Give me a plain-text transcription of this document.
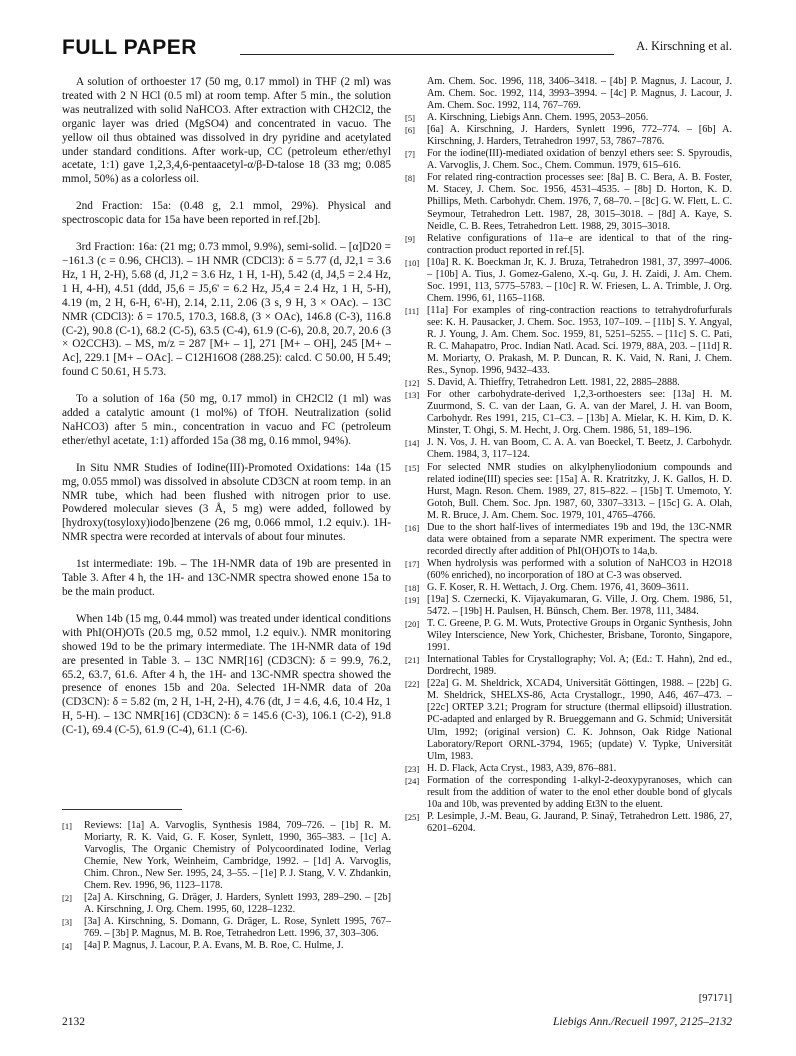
FULL PAPER	A. Kirschning et al.

A solution of orthoester 17 (50 mg, 0.17 mmol) in THF (2 ml) was treated with 2 N HCl (0.5 ml) at room temp. After 5 min., the solution was neutralized with solid NaHCO3. After extraction with CH2Cl2, the organic layer was dried (MgSO4) and concentrated in vacuo. The yellow oil thus obtained was dissolved in dry pyridine and acetylated under standard conditions. After work-up, CC (petroleum ether/ethyl acetate, 1:1) gave 1,2,3,4,6-pentaacetyl-α/β-D-talose 18 (33 mg; 0.085 mmol, 50%) as a colorless oil.

2nd Fraction: 15a: (0.48 g, 2.1 mmol, 29%). Physical and spectroscopic data for 15a have been reported in ref.[2b].

3rd Fraction: 16a: (21 mg; 0.73 mmol, 9.9%), semi-solid. – [α]D20 = −161.3 (c = 0.96, CHCl3). – 1H NMR (CDCl3): δ = 5.77 (d, J2,1 = 3.6 Hz, 1 H, 2-H), 5.68 (d, J1,2 = 3.6 Hz, 1 H, 1-H), 5.42 (d, J4,5 = 2.4 Hz, 1 H, 4-H), 4.51 (ddd, J5,6 = J5,6' = 6.2 Hz, J5,4 = 2.4 Hz, 1 H, 5-H), 4.19 (m, 2 H, 6-H, 6'-H), 2.14, 2.11, 2.06 (3 s, 9 H, 3 × OAc). – 13C NMR (CDCl3): δ = 170.5, 170.3, 168.8, (3 × OAc), 146.8 (C-3), 116.8 (C-2), 90.8 (C-1), 68.2 (C-5), 63.5 (C-4), 61.9 (C-6), 20.8, 20.7, 20.6 (3 × O2CCH3). – MS, m/z = 287 [M+ – 1], 271 [M+ – OH], 245 [M+ – Ac], 229.1 [M+ – OAc]. – C12H16O8 (288.25): calcd. C 50.00, H 5.49; found C 50.61, H 5.73.

To a solution of 16a (50 mg, 0.17 mmol) in CH2Cl2 (1 ml) was added a catalytic amount (1 mol%) of TfOH. Neutralization (solid NaHCO3) after 5 min., concentration in vacuo and FC (petroleum ether/ethyl acetate, 1:1) afforded 15a (38 mg, 0.16 mmol, 94%).

In Situ NMR Studies of Iodine(III)-Promoted Oxidations: 14a (15 mg, 0.055 mmol) was dissolved in absolute CD3CN at room temp. in an NMR tube, which had been flushed with nitrogen prior to use. Powdered molecular sieves (3 Å, 5 mg) were added, followed by [hydroxy(tosyloxy)iodo]benzene (26 mg, 0.066 mmol, 1.2 equiv.). 1H-NMR spectra were recorded at intervals of about four minutes.

1st intermediate: 19b. – The 1H-NMR data of 19b are presented in Table 3. After 4 h, the 1H- and 13C-NMR spectra showed enone 15a to be the main product.

When 14b (15 mg, 0.44 mmol) was treated under identical conditions with PhI(OH)OTs (20.5 mg, 0.52 mmol, 1.2 equiv.). NMR monitoring showed 19d to be the primary intermediate. The 1H-NMR data of 19d are presented in Table 3. – 13C NMR[16] (CD3CN): δ = 99.9, 76.2, 65.2, 63.7, 61.6. After 4 h, the 1H- and 13C-NMR spectra showed the presence of enones 15b and 20a. Selected 1H-NMR data of 20a (CD3CN): δ = 5.82 (m, 2 H, 1-H, 2-H), 4.76 (dt, J = 4.6, 4.6, 10.4 Hz, 1 H, 5-H). – 13C NMR[16] (CD3CN): δ = 145.6 (C-3), 106.1 (C-2), 91.8 (C-1), 69.4 (C-5), 61.9 (C-4), 61.1 (C-6).

[1] Reviews: [1a] A. Varvoglis, Synthesis 1984, 709–726. – [1b] R. M. Moriarty, R. K. Vaid, G. F. Koser, Synlett, 1990, 365–383. – [1c] A. Varvoglis, The Organic Chemistry of Polycoordinated Iodine, Verlag Chemie, New York, Weinheim, Cambridge, 1992. – [1d] A. Varvoglis, Chim. Chron., New Ser. 1995, 24, 3–55. – [1e] P. J. Stang, V. V. Zhdankin, Chem. Rev. 1996, 96, 1123–1178.

[2] [2a] A. Kirschning, G. Dräger, J. Harders, Synlett 1993, 289–290. – [2b] A. Kirschning, J. Org. Chem. 1995, 60, 1228–1232.

[3] [3a] A. Kirschning, S. Domann, G. Dräger, L. Rose, Synlett 1995, 767–769. – [3b] P. Magnus, M. B. Roe, Tetrahedron Lett. 1996, 37, 303–306.

[4] [4a] P. Magnus, J. Lacour, P. A. Evans, M. B. Roe, C. Hulme, J.

Am. Chem. Soc. 1996, 118, 3406–3418. – [4b] P. Magnus, J. Lacour, J. Am. Chem. Soc. 1992, 114, 3993–3994. – [4c] P. Magnus, J. Lacour, J. Am. Chem. Soc. 1992, 114, 767–769.

[5] A. Kirschning, Liebigs Ann. Chem. 1995, 2053–2056.

[6] [6a] A. Kirschning, J. Harders, Synlett 1996, 772–774. – [6b] A. Kirschning, J. Harders, Tetrahedron 1997, 53, 7867–7876.

[7] For the iodine(III)-mediated oxidation of benzyl ethers see: S. Spyroudis, A. Varvoglis, J. Chem. Soc., Chem. Commun. 1979, 615–616.

[8] For related ring-contraction processes see: [8a] B. C. Bera, A. B. Foster, M. Stacey, J. Chem. Soc. 1956, 4531–4535. – [8b] D. Horton, K. D. Phillips, Meth. Carbohydr. Chem. 1976, 7, 68–70. – [8c] G. W. Flett, L. C. Seymour, Tetrahedron Lett. 1987, 28, 3015–3018. – [8d] A. Kaye, S. Neidle, C. B. Rees, Tetrahedron Lett. 1988, 29, 3015–3018.

[9] Relative configurations of 11a–e are identical to that of the ring-contraction product reported in ref.[5].

[10] [10a] R. K. Boeckman Jr, K. J. Bruza, Tetrahedron 1981, 37, 3997–4006. – [10b] A. Tius, J. Gomez-Galeno, X.-q. Gu, J. H. Zaidi, J. Am. Chem. Soc. 1991, 113, 5775–5783. – [10c] R. W. Friesen, L. A. Trimble, J. Org. Chem. 1996, 61, 1165–1168.

[11] [11a] For examples of ring-contraction reactions to tetrahydrofurfurals see: K. H. Pausacker, J. Chem. Soc. 1953, 107–109. – [11b] S. Y. Angyal, R. J. Young, J. Am. Chem. Soc. 1959, 81, 5251–5255. – [11c] S. C. Pati, R. C. Mahapatro, Proc. Indian Natl. Acad. Sci. 1979, 88A, 203. – [11d] R. M. Moriarty, O. Prakash, M. P. Duncan, R. K. Vaid, N. Rani, J. Chem. Res., Synop. 1996, 9432–433.

[12] S. David, A. Thieffry, Tetrahedron Lett. 1981, 22, 2885–2888.

[13] For other carbohydrate-derived 1,2,3-orthoesters see: [13a] H. M. Zuurmond, S. C. van der Laan, G. A. van der Marel, J. H. van Boom, Carbohydr. Res 1991, 215, C1–C3. – [13b] A. Mielar, K. H. Kim, D. K. Minster, T. Ohgi, S. M. Hecht, J. Org. Chem. 1986, 51, 189–196.

[14] J. N. Vos, J. H. van Boom, C. A. A. van Boeckel, T. Beetz, J. Carbohydr. Chem. 1984, 3, 117–124.

[15] For selected NMR studies on alkylphenyliodonium compounds and related iodine(III) species see: [15a] A. R. Kratritzky, J. K. Gallos, H. D. Hurst, Magn. Reson. Chem. 1989, 27, 815–822. – [15b] T. Umemoto, Y. Gotoh, Bull. Chem. Soc. Jpn. 1987, 60, 3307–3313. – [15c] G. A. Olah, M. R. Bruce, J. Am. Chem. Soc. 1979, 101, 4765–4766.

[16] Due to the short half-lives of intermediates 19b and 19d, the 13C-NMR data were obtained from a separate NMR experiment. The spectra were recorded directly after addition of PhI(OH)OTs to 14a,b.

[17] When hydrolysis was performed with a solution of NaHCO3 in H2O18 (60% enriched), no incorporation of 18O at C-3 was observed.

[18] G. F. Koser, R. H. Wettach, J. Org. Chem. 1976, 41, 3609–3611.

[19] [19a] S. Czernecki, K. Vijayakumaran, G. Ville, J. Org. Chem. 1986, 51, 5472. – [19b] H. Paulsen, H. Bünsch, Chem. Ber. 1978, 111, 3484.

[20] T. C. Greene, P. G. M. Wuts, Protective Groups in Organic Synthesis, John Wiley Interscience, New York, Chichester, Brisbane, Toronto, Singapore, 1991.

[21] International Tables for Crystallography; Vol. A; (Ed.: T. Hahn), 2nd ed., Dordrecht, 1989.

[22] [22a] G. M. Sheldrick, XCAD4, Universität Göttingen, 1988. – [22b] G. M. Sheldrick, SHELXS-86, Acta Crystallogr., 1990, A46, 467–473. – [22c] ORTEP 3.21; Program for structure (thermal ellipsoid) illustration. PC-adapted and enlarged by R. Brueggemann and G. Schmid; Universität Ulm, 1992; (original version) C. K. Johnson, Oak Ridge National Laboratory/Report ORNL-3794, 1965; (update) V. Typke, Universität Ulm, 1983.

[23] H. D. Flack, Acta Cryst., 1983, A39, 876–881.

[24] Formation of the corresponding 1-alkyl-2-deoxypyranoses, which can result from the addition of water to the enol ether double bond of glycals 10a and 10b, was prevented by adding Et3N to the eluent.

[25] P. Lesimple, J.-M. Beau, G. Jaurand, P. Sinaÿ, Tetrahedron Lett. 1986, 27, 6201–6204.

[97171]
2132	Liebigs Ann./Recueil 1997, 2125–2132
